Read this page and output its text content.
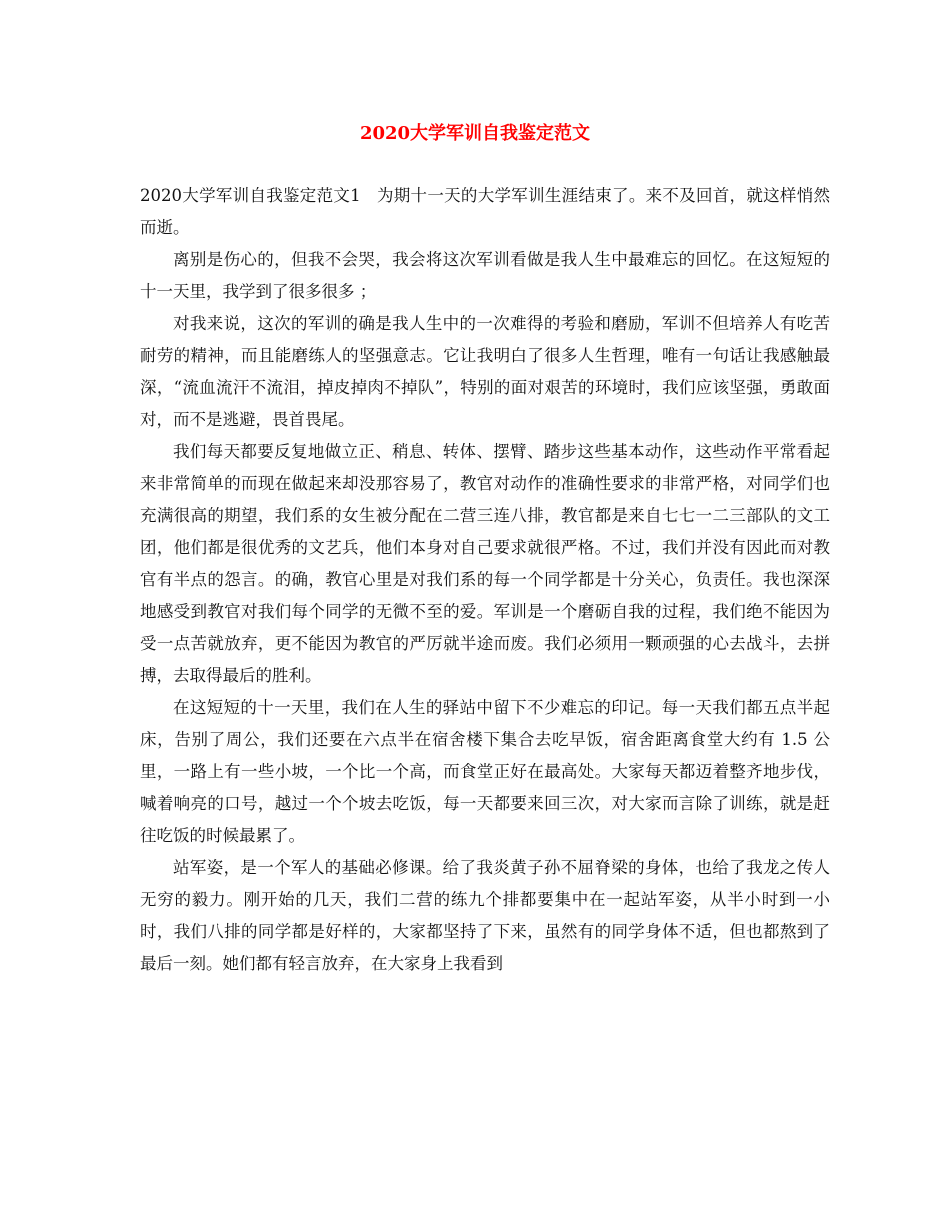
2020大学军训自我鉴定范文

2020大学军训自我鉴定范文1 为期十一天的大学军训生涯结束了。来不及回首，就这样悄然而逝。

离别是伤心的，但我不会哭，我会将这次军训看做是我人生中最难忘的回忆。在这短短的十一天里，我学到了很多很多 ；

对我来说，这次的军训的确是我人生中的一次难得的考验和磨励，军训不但培养人有吃苦耐劳的精神，而且能磨练人的坚强意志。它让我明白了很多人生哲理，唯有一句话让我感触最深，“流血流汗不流泪，掉皮掉肉不掉队”，特别的面对艰苦的环境时，我们应该坚强，勇敢面对，而不是逃避，畏首畏尾。

我们每天都要反复地做立正、稍息、转体、摆臂、踏步这些基本动作，这些动作平常看起来非常简单的而现在做起来却没那容易了，教官对动作的准确性要求的非常严格，对同学们也充满很高的期望，我们系的女生被分配在二营三连八排，教官都是来自七七一二三部队的文工团，他们都是很优秀的文艺兵，他们本身对自己要求就很严格。不过，我们并没有因此而对教官有半点的怨言。的确，教官心里是对我们系的每一个同学都是十分关心，负责任。我也深深地感受到教官对我们每个同学的无微不至的爱。军训是一个磨砺自我的过程，我们绝不能因为受一点苦就放弃，更不能因为教官的严厉就半途而废。我们必须用一颗顽强的心去战斗，去拼搏，去取得最后的胜利。

在这短短的十一天里，我们在人生的驿站中留下不少难忘的印记。每一天我们都五点半起床，告别了周公，我们还要在六点半在宿舍楼下集合去吃早饭，宿舍距离食堂大约有 1.5 公里，一路上有一些小坡，一个比一个高，而食堂正好在最高处。大家每天都迈着整齐地步伐，喊着响亮的口号，越过一个个坡去吃饭，每一天都要来回三次，对大家而言除了训练，就是赶往吃饭的时候最累了。

站军姿，是一个军人的基础必修课。给了我炎黄子孙不屈脊梁的身体，也给了我龙之传人无穷的毅力。刚开始的几天，我们二营的练九个排都要集中在一起站军姿，从半小时到一小时，我们八排的同学都是好样的，大家都坚持了下来，虽然有的同学身体不适，但也都熬到了最后一刻。她们都有轻言放弃，在大家身上我看到
